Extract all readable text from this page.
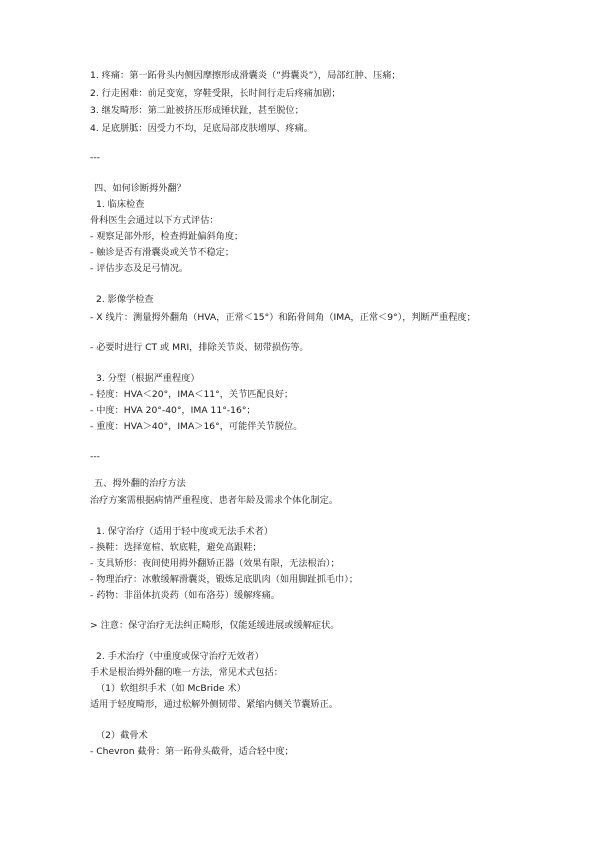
1. 疼痛：第一跖骨头内侧因摩擦形成滑囊炎（“拇囊炎”），局部红肿、压痛；
2. 行走困难：前足变宽，穿鞋受限，长时间行走后疼痛加剧；
3. 继发畸形：第二趾被挤压形成锤状趾，甚至脱位；
4. 足底胼胝：因受力不均，足底局部皮肤增厚、疼痛。
---
四、如何诊断拇外翻？
1. 临床检查
骨科医生会通过以下方式评估：
- 观察足部外形，检查拇趾偏斜角度；
- 触诊是否有滑囊炎或关节不稳定；
- 评估步态及足弓情况。
2. 影像学检查
- X 线片：测量拇外翻角（HVA，正常＜15°）和跖骨间角（IMA，正常＜9°），判断严重程度；
- 必要时进行 CT 或 MRI，排除关节炎、韧带损伤等。
3. 分型（根据严重程度）
- 轻度：HVA＜20°，IMA＜11°，关节匹配良好；
- 中度：HVA 20°-40°，IMA 11°-16°；
- 重度：HVA＞40°，IMA＞16°，可能伴关节脱位。
---
五、拇外翻的治疗方法
治疗方案需根据病情严重程度、患者年龄及需求个体化制定。
1. 保守治疗（适用于轻中度或无法手术者）
- 换鞋：选择宽楦、软底鞋，避免高跟鞋；
- 支具矫形：夜间使用拇外翻矫正器（效果有限，无法根治）；
- 物理治疗：冰敷缓解滑囊炎，锻炼足底肌肉（如用脚趾抓毛巾）；
- 药物：非甾体抗炎药（如布洛芬）缓解疼痛。
> 注意：保守治疗无法纠正畸形，仅能延缓进展或缓解症状。
2. 手术治疗（中重度或保守治疗无效者）
手术是根治拇外翻的唯一方法，常见术式包括：
（1）软组织手术（如 McBride 术）
适用于轻度畸形，通过松解外侧韧带、紧缩内侧关节囊矫正。
（2）截骨术
- Chevron 截骨：第一跖骨头截骨，适合轻中度；
